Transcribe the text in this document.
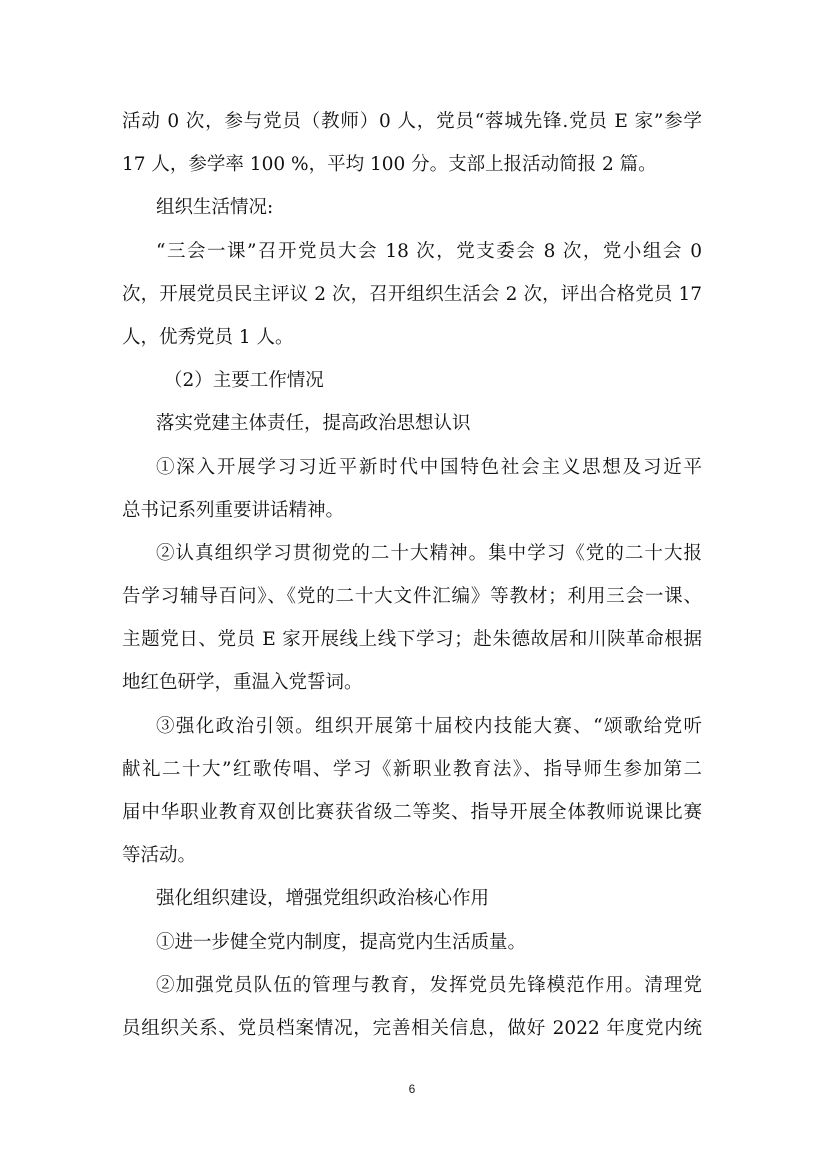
活动 0 次，参与党员（教师）0 人，党员“蓉城先锋.党员 E 家”参学
17 人，参学率 100 %，平均 100 分。支部上报活动简报 2 篇。
组织生活情况:
“三会一课”召开党员大会 18 次，党支委会 8 次，党小组会 0
次，开展党员民主评议 2 次，召开组织生活会 2 次，评出合格党员 17
人，优秀党员 1 人。
（2）主要工作情况
落实党建主体责任，提高政治思想认识
①深入开展学习习近平新时代中国特色社会主义思想及习近平
总书记系列重要讲话精神。
②认真组织学习贯彻党的二十大精神。集中学习《党的二十大报
告学习辅导百问》、《党的二十大文件汇编》等教材；利用三会一课、
主题党日、党员 E 家开展线上线下学习；赴朱德故居和川陕革命根据
地红色研学，重温入党誓词。
③强化政治引领。组织开展第十届校内技能大赛、“颂歌给党听
献礼二十大”红歌传唱、学习《新职业教育法》、指导师生参加第二
届中华职业教育双创比赛获省级二等奖、指导开展全体教师说课比赛
等活动。
强化组织建设，增强党组织政治核心作用
①进一步健全党内制度，提高党内生活质量。
②加强党员队伍的管理与教育，发挥党员先锋模范作用。清理党
员组织关系、党员档案情况，完善相关信息，做好 2022 年度党内统
6
